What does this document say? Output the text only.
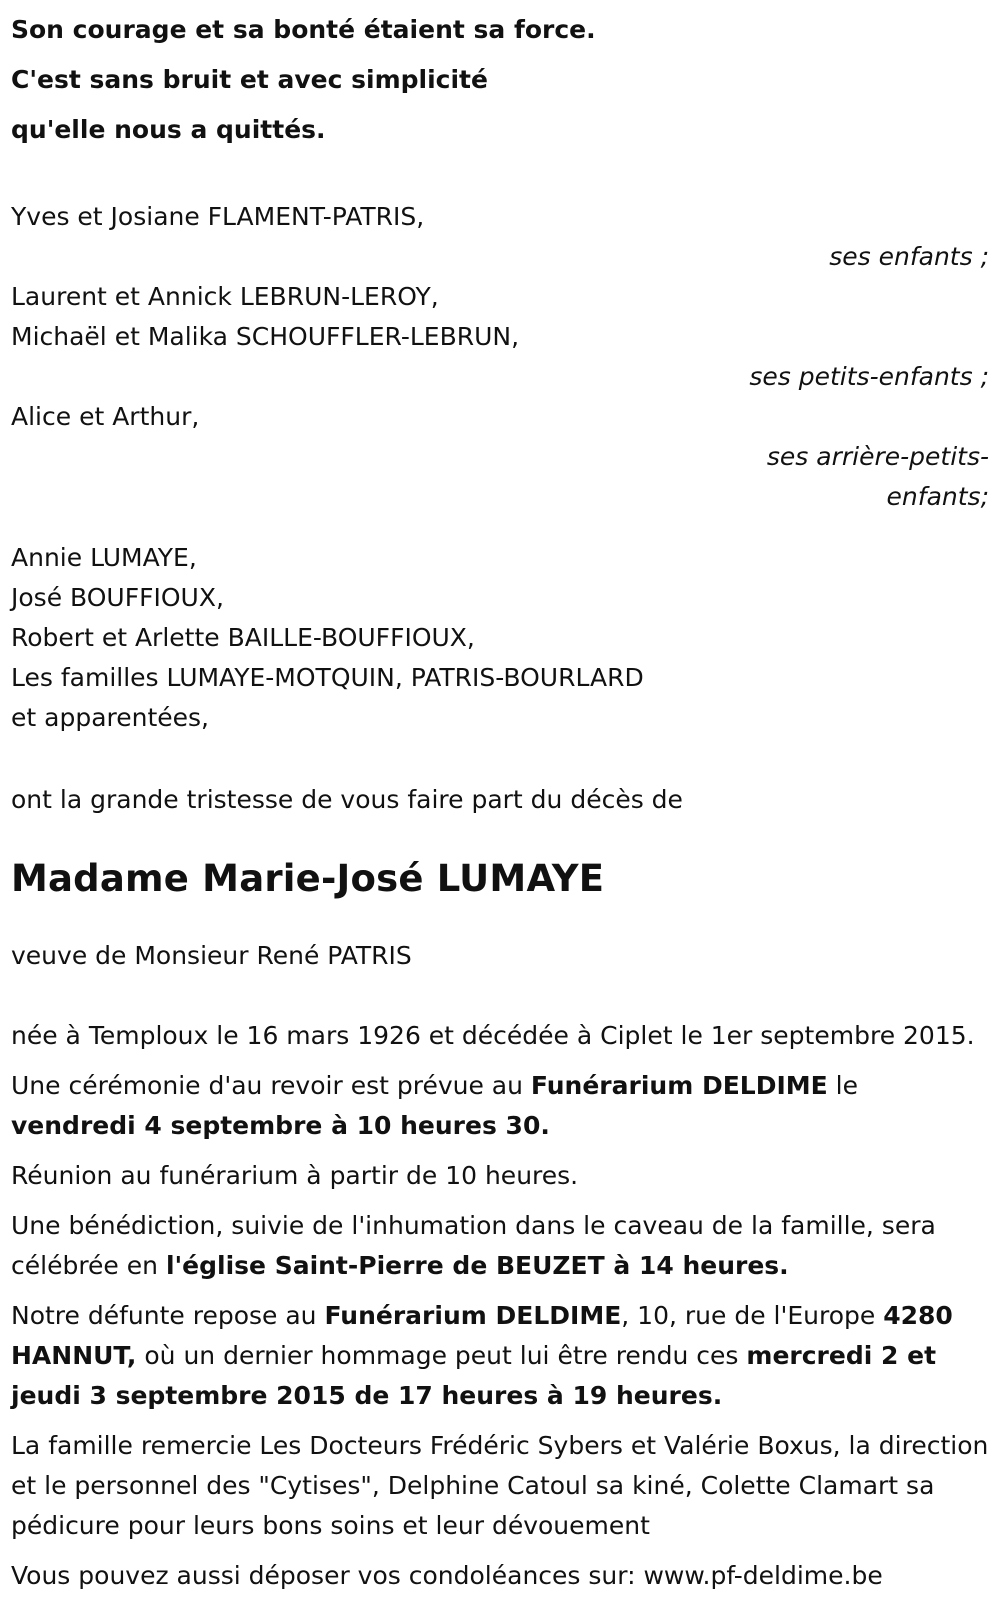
Son courage et sa bonté étaient sa force.
C'est sans bruit et avec simplicité
qu'elle nous a quittés.
Yves et Josiane FLAMENT-PATRIS,
ses enfants ;
Laurent et Annick LEBRUN-LEROY,
Michaël et Malika SCHOUFFLER-LEBRUN,
ses petits-enfants ;
Alice et Arthur,
ses arrière-petits-
enfants;
Annie LUMAYE,
José BOUFFIOUX,
Robert et Arlette BAILLE-BOUFFIOUX,
Les familles LUMAYE-MOTQUIN, PATRIS-BOURLARD
et apparentées,
ont la grande tristesse de vous faire part du décès de
Madame Marie-José LUMAYE
veuve de Monsieur René PATRIS
née à Temploux le 16 mars 1926 et décédée à Ciplet le 1er septembre 2015.
Une cérémonie d'au revoir est prévue au Funérarium DELDIME le vendredi 4 septembre à 10 heures 30.
Réunion au funérarium à partir de 10 heures.
Une bénédiction, suivie de l'inhumation dans le caveau de la famille, sera célébrée en l'église Saint-Pierre de BEUZET à 14 heures.
Notre défunte repose au Funérarium DELDIME, 10, rue de l'Europe 4280 HANNUT, où un dernier hommage peut lui être rendu ces mercredi 2 et jeudi 3 septembre 2015 de 17 heures à 19 heures.
La famille remercie Les Docteurs Frédéric Sybers et Valérie Boxus, la direction et le personnel des "Cytises", Delphine Catoul sa kiné, Colette Clamart sa pédicure pour leurs bons soins et leur dévouement
Vous pouvez aussi déposer vos condoléances sur: www.pf-deldime.be
